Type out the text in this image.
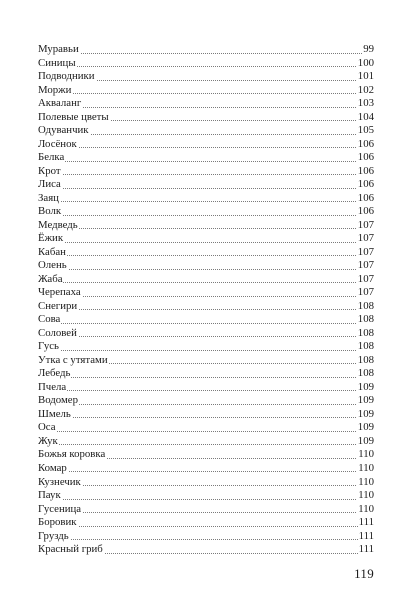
Муравьи	99
Синицы	100
Подводники	101
Моржи	102
Акваланг	103
Полевые цветы	104
Одуванчик	105
Лосёнок	106
Белка	106
Крот	106
Лиса	106
Заяц	106
Волк	106
Медведь	107
Ёжик	107
Кабан	107
Олень	107
Жаба	107
Черепаха	107
Снегири	108
Сова	108
Соловей	108
Гусь	108
Утка с утятами	108
Лебедь	108
Пчела	109
Водомер	109
Шмель	109
Оса	109
Жук	109
Божья коровка	110
Комар	110
Кузнечик	110
Паук	110
Гусеница	110
Боровик	111
Груздь	111
Красный гриб	111
119
